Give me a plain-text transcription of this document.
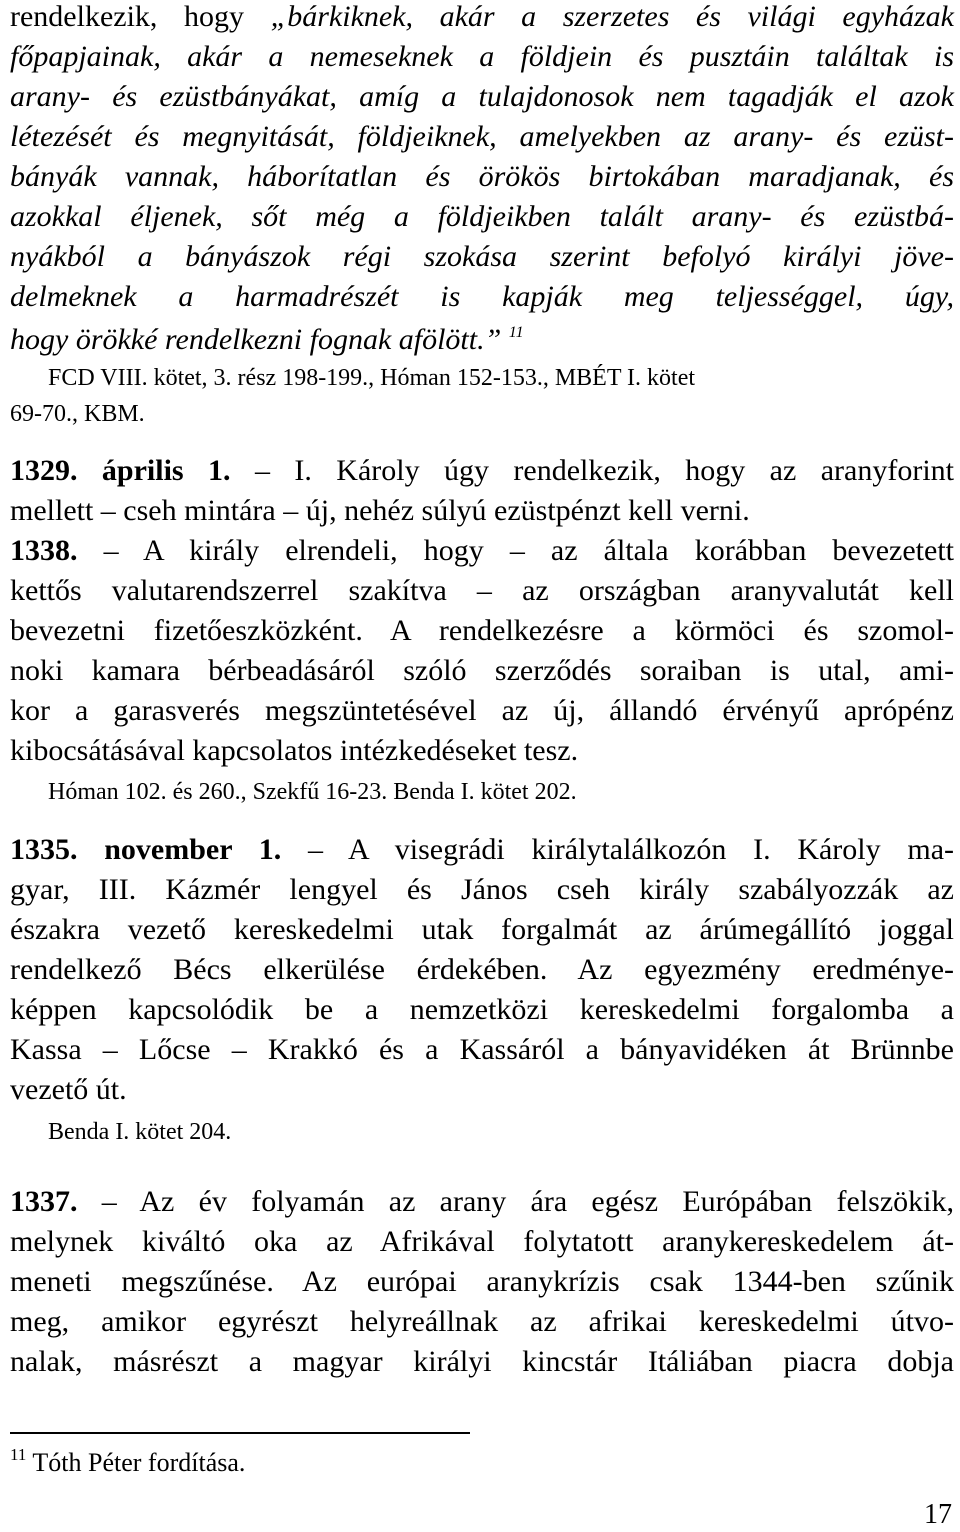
rendelkezik, hogy „bárkiknek, akár a szerzetes és világi egyházak
főpapjainak, akár a nemeseknek a földjein és pusztáin találtak is
arany- és ezüstbányákat, amíg a tulajdonosok nem tagadják el azok
létezését és megnyitását, földjeiknek, amelyekben az arany- és ezüst-
bányák vannak, háborítatlan és örökös birtokában maradjanak, és
azokkal éljenek, sőt még a földjeikben talált arany- és ezüstbá-
nyákból a bányászok régi szokása szerint befolyó királyi jöve-
delmeknek a harmadrészét is kapják meg teljességgel, úgy,
hogy örökké rendelkezni fognak afölött.” $^{11}$
FCD VIII. kötet, 3. rész 198-199., Hóman 152-153., MBÉT I. kötet
69-70., KBM.
1329. április 1. – I. Károly úgy rendelkezik, hogy az aranyforint
mellett – cseh mintára – új, nehéz súlyú ezüstpénzt kell verni.
1338. – A király elrendeli, hogy – az általa korábban bevezetett
kettős valutarendszerrel szakítva – az országban aranyvalutát kell
bevezetni fizetőeszközként. A rendelkezésre a körmöci és szomol-
noki kamara bérbeadásáról szóló szerződés soraiban is utal, ami-
kor a garasverés megszüntetésével az új, állandó érvényű aprópénz
kibocsátásával kapcsolatos intézkedéseket tesz.
Hóman 102. és 260., Szekfű 16-23. Benda I. kötet 202.
1335. november 1. – A visegrádi királytalálkozón I. Károly ma-
gyar, III. Kázmér lengyel és János cseh király szabályozzák az
északra vezető kereskedelmi utak forgalmát az árúmegállító joggal
rendelkező Bécs elkerülése érdekében. Az egyezmény eredménye-
képpen kapcsolódik be a nemzetközi kereskedelmi forgalomba a
Kassa – Lőcse – Krakkó és a Kassáról a bányavidéken át Brünnbe
vezető út.
Benda I. kötet 204.
1337. – Az év folyamán az arany ára egész Európában felszökik,
melynek kiváltó oka az Afrikával folytatott aranykereskedelem át-
meneti megszűnése. Az európai aranykrízis csak 1344-ben szűnik
meg, amikor egyrészt helyreállnak az afrikai kereskedelmi útvo-
nalak, másrészt a magyar királyi kincstár Itáliában piacra dobja
$^{11}$ Tóth Péter fordítása.
17
